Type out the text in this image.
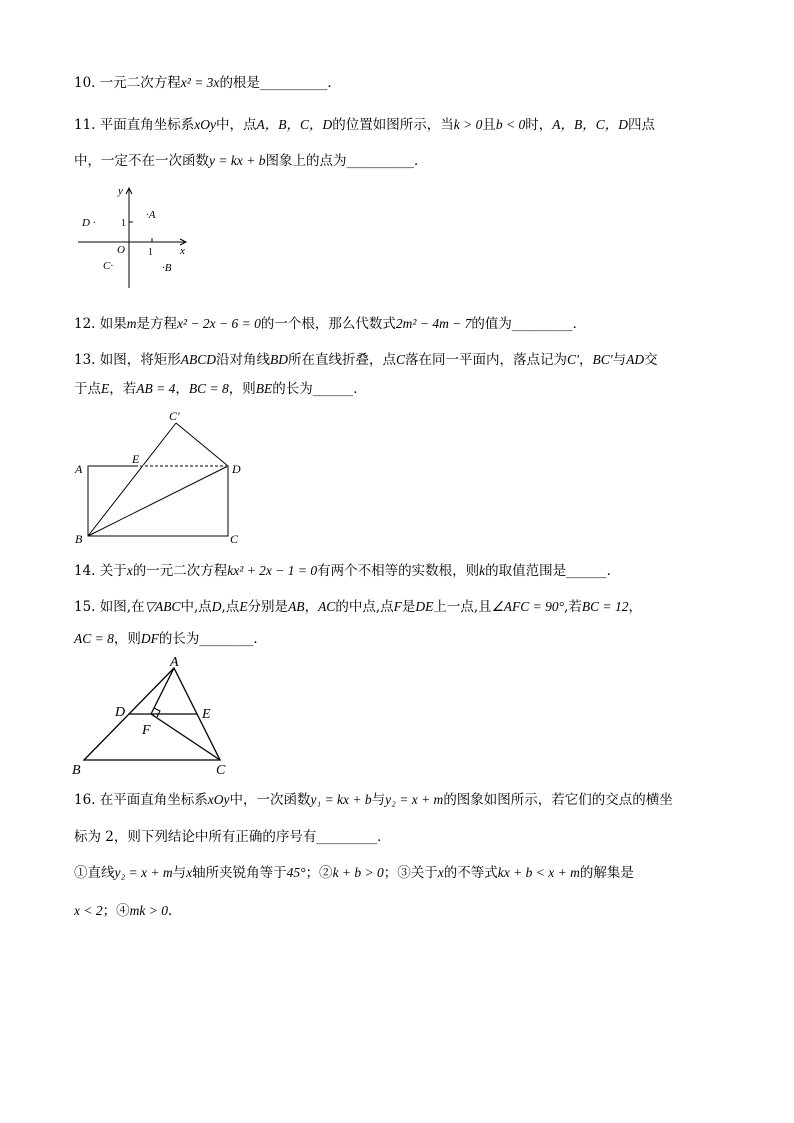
10. 一元二次方程x² = 3x的根是__________．
11. 平面直角坐标系xOy中，点A，B，C，D的位置如图所示，当k > 0且b < 0时，A，B，C，D四点
中，一定不在一次函数y = kx + b图象上的点为__________．
y
x
O
1
1
·A
·B
C·
D ·
12. 如果m是方程x² − 2x − 6 = 0的一个根，那么代数式2m² − 4m − 7的值为_________．
13. 如图，将矩形ABCD沿对角线BD所在直线折叠，点C落在同一平面内，落点记为C'，BC'与AD交
于点E，若AB = 4，BC = 8，则BE的长为______．
A
B	C
D
E
C'
14. 关于x的一元二次方程kx² + 2x − 1 = 0有两个不相等的实数根，则k的取值范围是______．
15. 如图,在▽ABC中,点D,点E分别是AB，AC的中点,点F是DE上一点,且∠AFC = 90°,若BC = 12，
AC = 8，则DF的长为________．
A
B	C
D	E
F
16. 在平面直角坐标系xOy中，一次函数y₁ = kx + b与y₂ = x + m的图象如图所示，若它们的交点的横坐
标为 2，则下列结论中所有正确的序号有_________．
①直线y₂ = x + m与x轴所夹锐角等于45°；②k + b > 0；③关于x的不等式kx + b < x + m的解集是
x < 2；④mk > 0．
